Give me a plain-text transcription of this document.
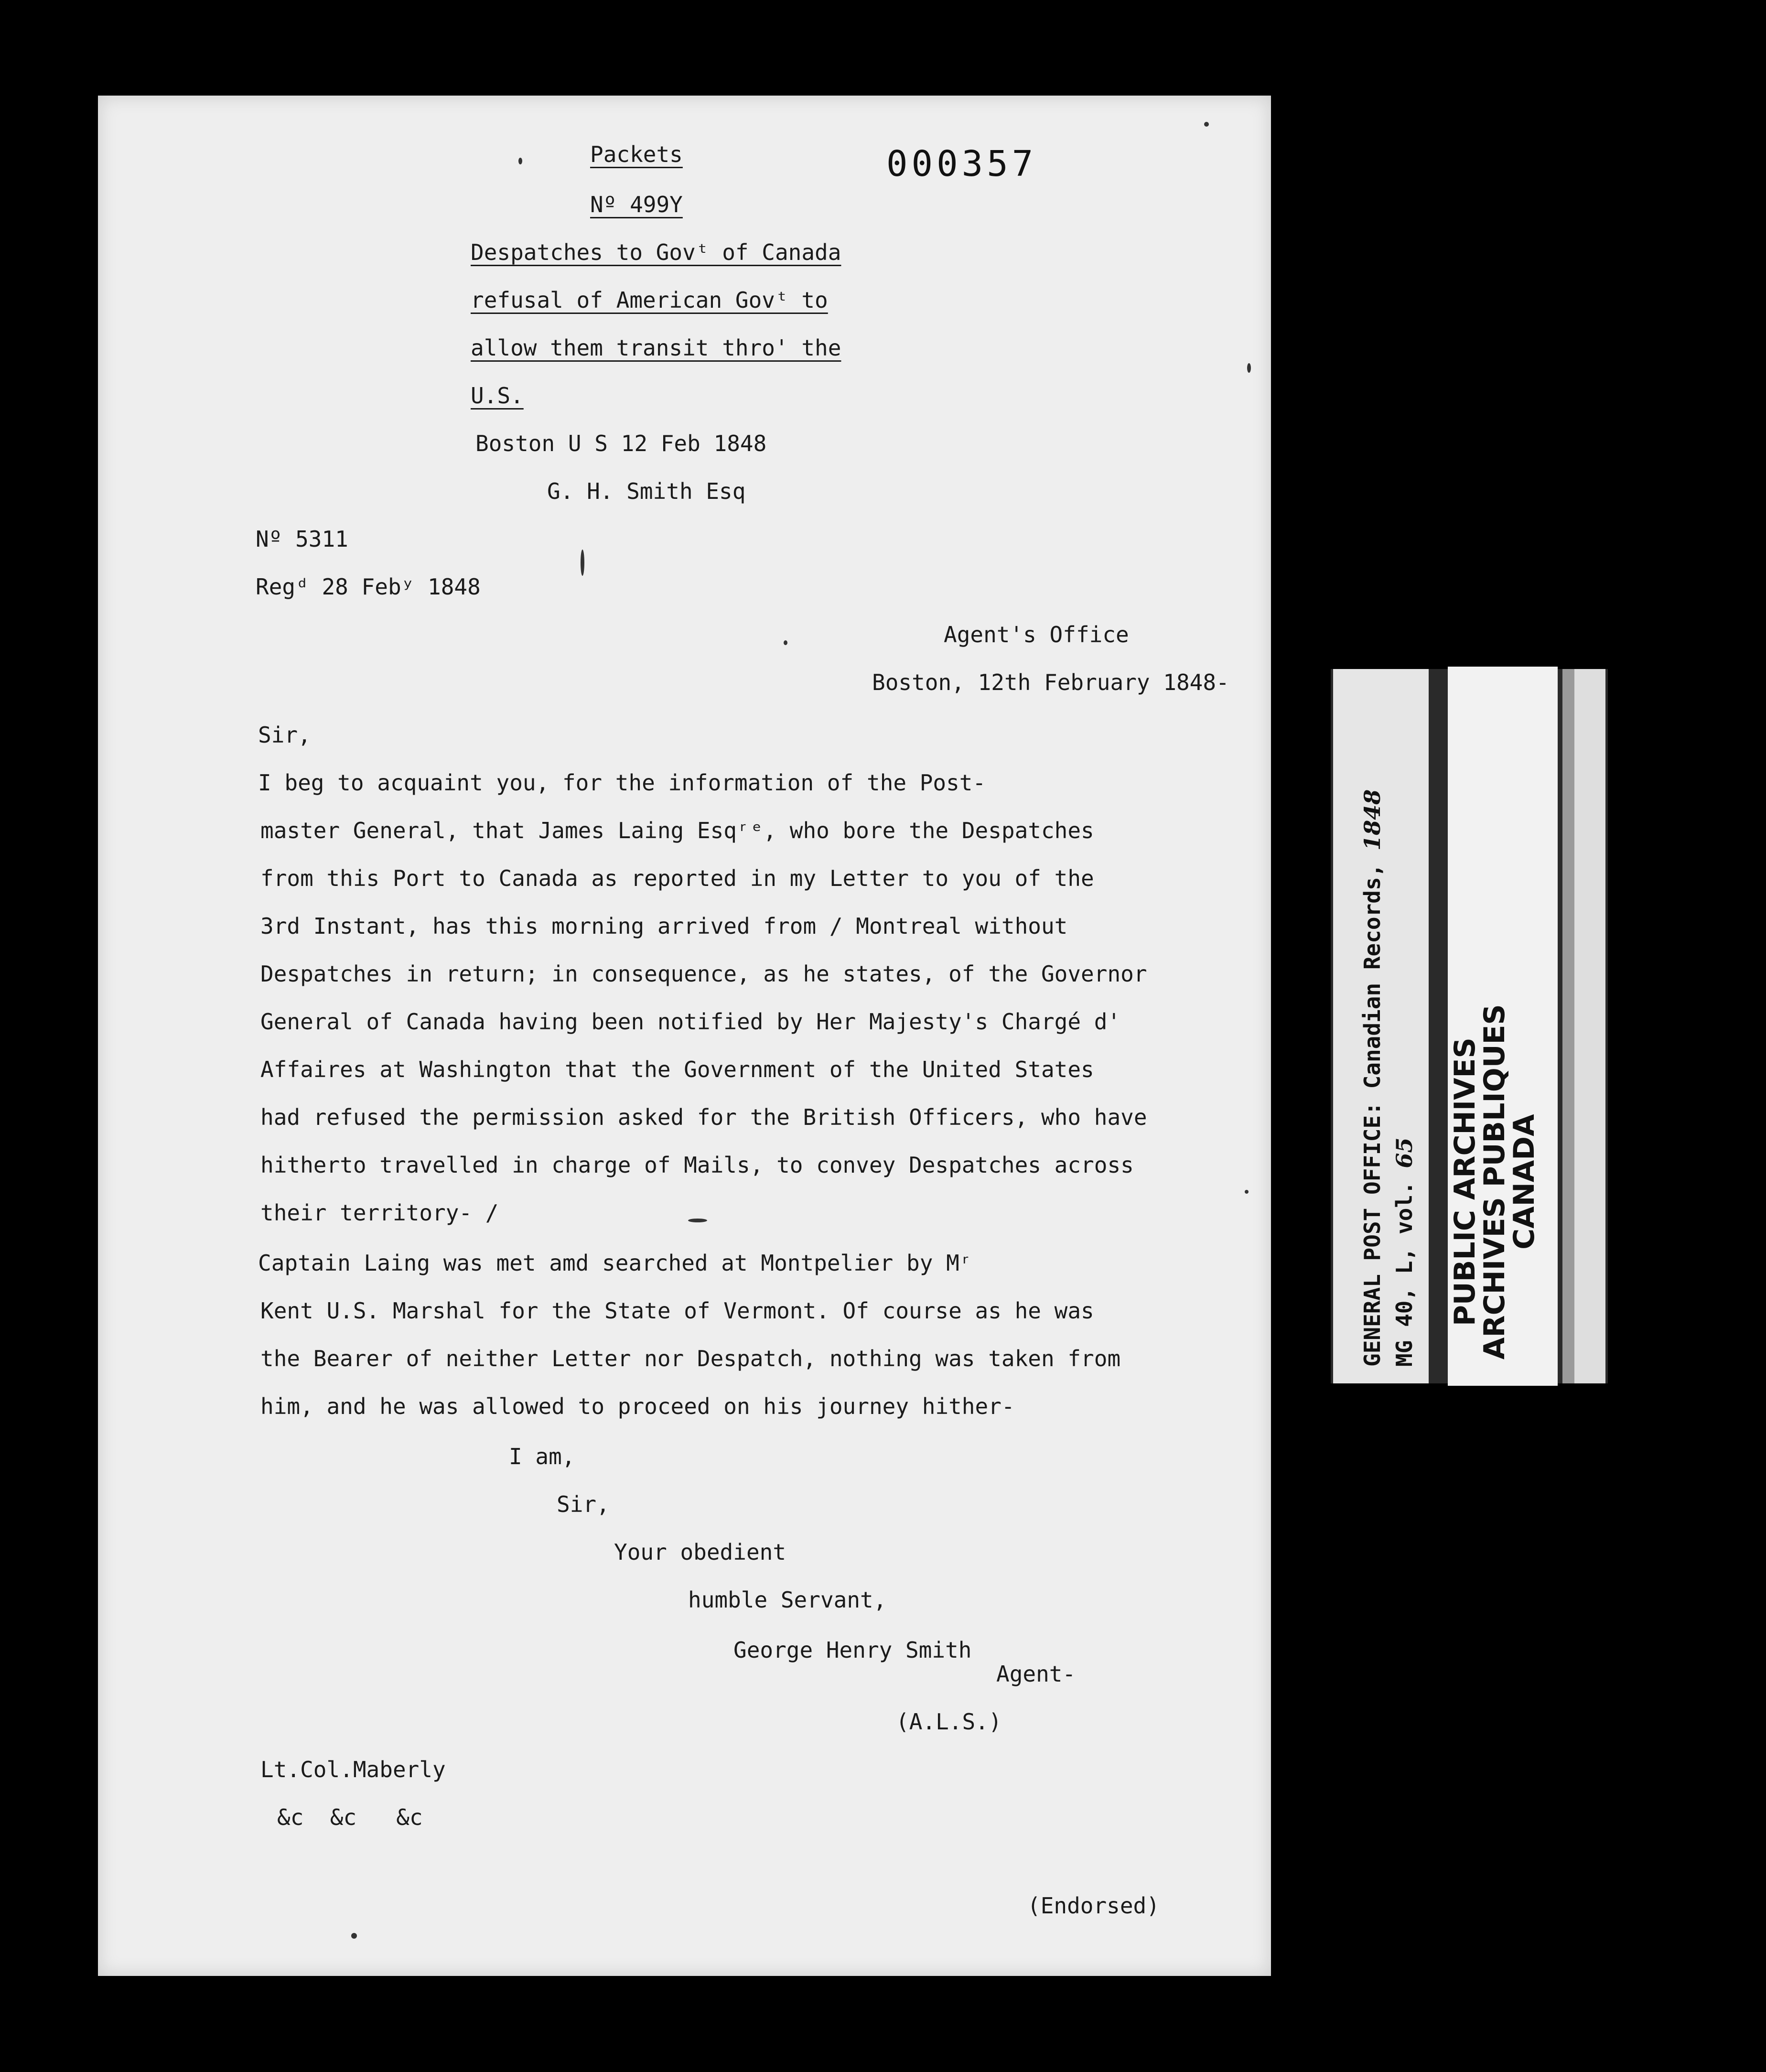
Packets	000357
Nº 499Y
Despatches to Govᵗ of Canada
refusal of American Govᵗ to
allow them transit thro' the
U.S.
Boston U S 12 Feb 1848
G. H. Smith Esq
Nº 5311
Regᵈ 28 Febʸ 1848
Agent's Office
Boston, 12th February 1848-
Sir,
I beg to acquaint you, for the information of the Post-
master General, that James Laing Esqʳᵉ, who bore the Despatches
from this Port to Canada as reported in my Letter to you of the
3rd Instant, has this morning arrived from / Montreal without
Despatches in return; in consequence, as he states, of the Governor
General of Canada having been notified by Her Majesty's Chargé d'
Affaires at Washington that the Government of the United States
had refused the permission asked for the British Officers, who have
hitherto travelled in charge of Mails, to convey Despatches across
their territory- /
Captain Laing was met amd searched at Montpelier by Mʳ
Kent U.S. Marshal for the State of Vermont. Of course as he was
the Bearer of neither Letter nor Despatch, nothing was taken from
him, and he was allowed to proceed on his journey hither-
I am,
Sir,
Your obedient
humble Servant,
George Henry Smith
Agent-
(A.L.S.)
Lt.Col.Maberly
&c  &c   &c
(Endorsed)
GENERAL POST OFFICE: Canadian Records, 1848
MG 40, L, vol. 65 PUBLIC ARCHIVES
ARCHIVES PUBLIQUES
CANADA
